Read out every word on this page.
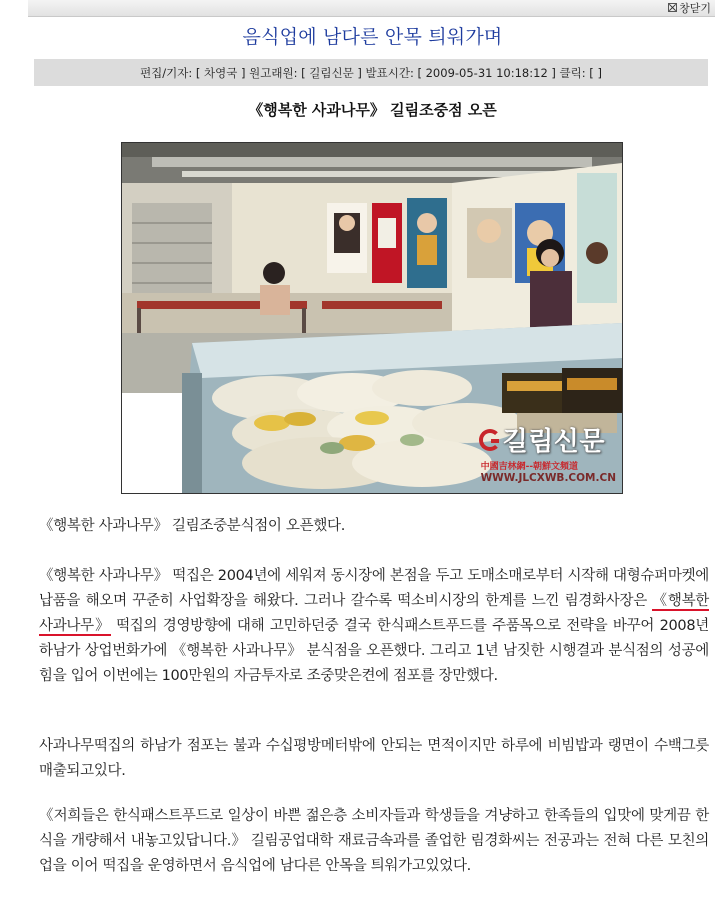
창닫기
음식업에 남다른 안목 틔워가며
편집/기자: [ 차영국 ] 원고래원: [ 길림신문 ] 발표시간: [ 2009-05-31 10:18:12 ] 클릭: [ ]
《행복한 사과나무》 길림조중점 오픈
길림신문
中國吉林網--朝鮮文頻道
WWW.JLCXWB.COM.CN
《행복한 사과나무》 길림조중분식점이 오픈했다.
《행복한 사과나무》 떡집은 2004년에 세워져 동시장에 본점을 두고 도매소매로부터 시작해 대형슈퍼마켓에 납품을 해오며 꾸준히 사업확장을 해왔다. 그러나 갈수록 떡소비시장의 한계를 느낀 림경화사장은 《행복한 사과나무》 떡집의 경영방향에 대해 고민하던중 결국 한식패스트푸드를 주품목으로 전략을 바꾸어 2008년 하남가 상업번화가에 《행복한 사과나무》 분식점을 오픈했다. 그리고 1년 남짓한 시행결과 분식점의 성공에 힘을 입어 이번에는 100만원의 자금투자로 조중맞은켠에 점포를 장만했다.
사과나무떡집의 하남가 점포는 불과 수십평방메터밖에 안되는 면적이지만 하루에 비빔밥과 랭면이 수백그릇 매출되고있다.
《저희들은 한식패스트푸드로 일상이 바쁜 젊은층 소비자들과 학생들을 겨냥하고 한족들의 입맛에 맞게끔 한식을 개량해서 내놓고있답니다.》 길림공업대학 재료금속과를 졸업한 림경화씨는 전공과는 전혀 다른 모친의 업을 이어 떡집을 운영하면서 음식업에 남다른 안목을 틔워가고있었다.
